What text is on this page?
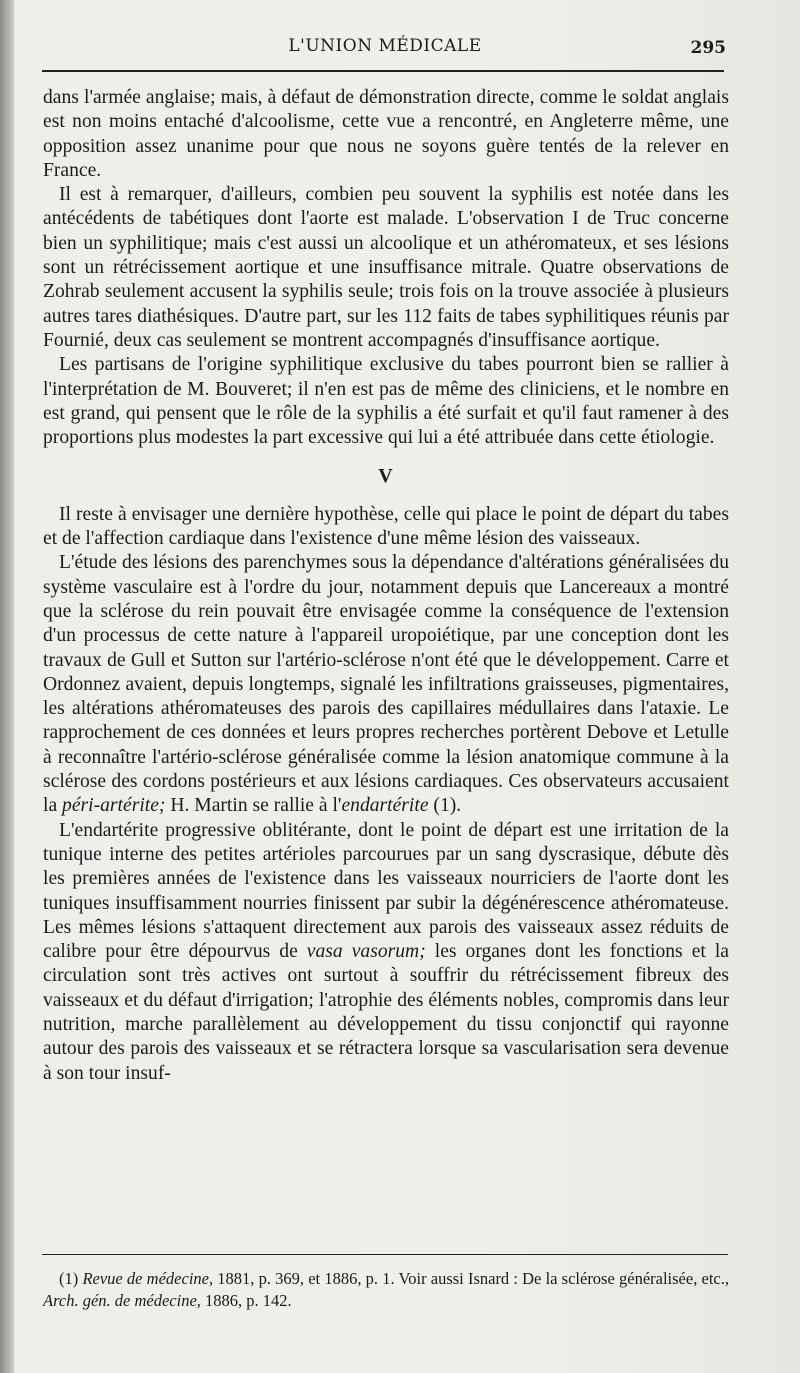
L'UNION MÉDICALE	295

dans l'armée anglaise; mais, à défaut de démonstration directe, comme le soldat anglais est non moins entaché d'alcoolisme, cette vue a rencontré, en Angleterre même, une opposition assez unanime pour que nous ne soyons guère tentés de la relever en France.

Il est à remarquer, d'ailleurs, combien peu souvent la syphilis est notée dans les antécédents de tabétiques dont l'aorte est malade. L'observation I de Truc concerne bien un syphilitique; mais c'est aussi un alcoolique et un athéromateux, et ses lésions sont un rétrécissement aortique et une insuffisance mitrale. Quatre observations de Zohrab seulement accusent la syphilis seule; trois fois on la trouve associée à plusieurs autres tares diathésiques. D'autre part, sur les 112 faits de tabes syphilitiques réunis par Fournié, deux cas seulement se montrent accompagnés d'insuffisance aortique.

Les partisans de l'origine syphilitique exclusive du tabes pourront bien se rallier à l'interprétation de M. Bouveret; il n'en est pas de même des cliniciens, et le nombre en est grand, qui pensent que le rôle de la syphilis a été surfait et qu'il faut ramener à des proportions plus modestes la part excessive qui lui a été attribuée dans cette étiologie.

V

Il reste à envisager une dernière hypothèse, celle qui place le point de départ du tabes et de l'affection cardiaque dans l'existence d'une même lésion des vaisseaux.

L'étude des lésions des parenchymes sous la dépendance d'altérations généralisées du système vasculaire est à l'ordre du jour, notamment depuis que Lancereaux a montré que la sclérose du rein pouvait être envisagée comme la conséquence de l'extension d'un processus de cette nature à l'appareil uropoiétique, par une conception dont les travaux de Gull et Sutton sur l'artério-sclérose n'ont été que le développement. Carre et Ordonnez avaient, depuis longtemps, signalé les infiltrations graisseuses, pigmentaires, les altérations athéromateuses des parois des capillaires médullaires dans l'ataxie. Le rapprochement de ces données et leurs propres recherches portèrent Debove et Letulle à reconnaître l'artério-sclérose généralisée comme la lésion anatomique commune à la sclérose des cordons postérieurs et aux lésions cardiaques. Ces observateurs accusaient la péri-artérite; H. Martin se rallie à l'endartérite (1).

L'endartérite progressive oblitérante, dont le point de départ est une irritation de la tunique interne des petites artérioles parcourues par un sang dyscrasique, débute dès les premières années de l'existence dans les vaisseaux nourriciers de l'aorte dont les tuniques insuffisamment nourries finissent par subir la dégénérescence athéromateuse. Les mêmes lésions s'attaquent directement aux parois des vaisseaux assez réduits de calibre pour être dépourvus de vasa vasorum; les organes dont les fonctions et la circulation sont très actives ont surtout à souffrir du rétrécissement fibreux des vaisseaux et du défaut d'irrigation; l'atrophie des éléments nobles, compromis dans leur nutrition, marche parallèlement au développement du tissu conjonctif qui rayonne autour des parois des vaisseaux et se rétractera lorsque sa vascularisation sera devenue à son tour insuf-

(1) Revue de médecine, 1881, p. 369, et 1886, p. 1. Voir aussi Isnard : De la sclérose généralisée, etc., Arch. gén. de médecine, 1886, p. 142.
